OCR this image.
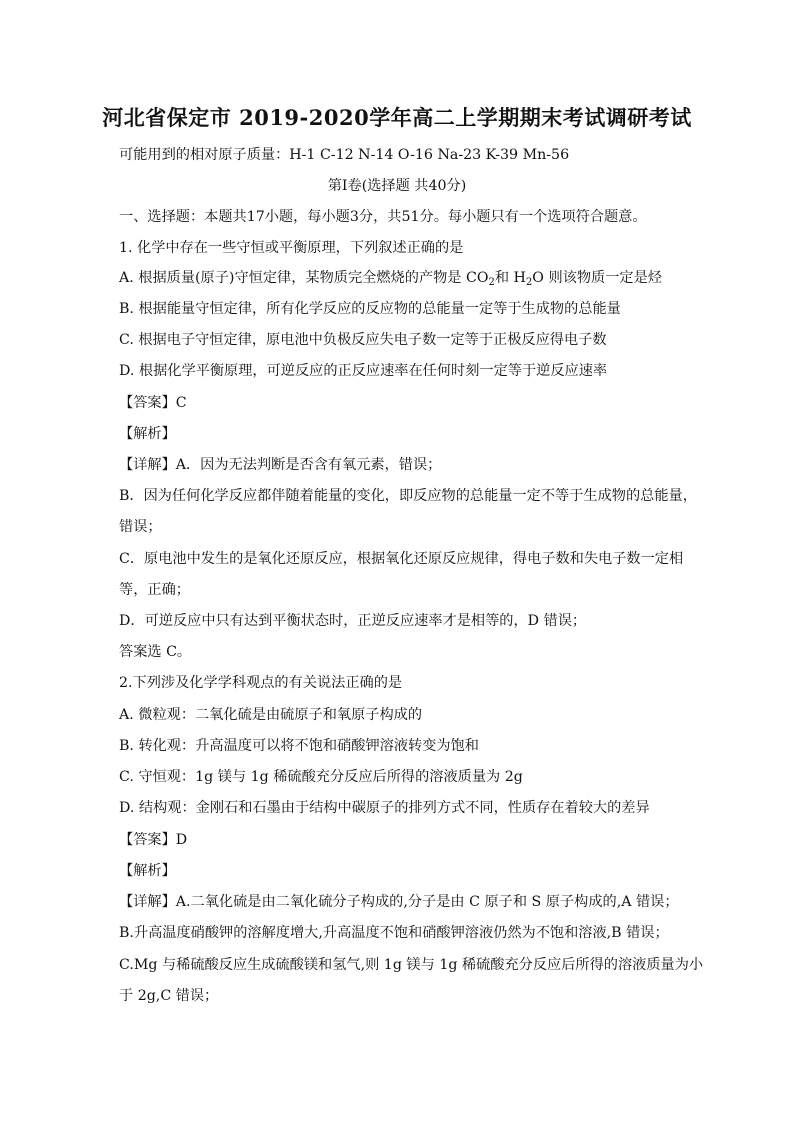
河北省保定市 2019-2020学年高二上学期期末考试调研考试
可能用到的相对原子质量：H-1 C-12 N-14 O-16 Na-23 K-39 Mn-56
第Ⅰ卷(选择题 共40分)
一、选择题：本题共17小题，每小题3分，共51分。每小题只有一个选项符合题意。
1. 化学中存在一些守恒或平衡原理，下列叙述正确的是
A. 根据质量(原子)守恒定律，某物质完全燃烧的产物是 $CO_2$和 $H_2O$ 则该物质一定是烃
B. 根据能量守恒定律，所有化学反应的反应物的总能量一定等于生成物的总能量
C. 根据电子守恒定律，原电池中负极反应失电子数一定等于正极反应得电子数
D. 根据化学平衡原理，可逆反应的正反应速率在任何时刻一定等于逆反应速率
【答案】C
【解析】
【详解】A．因为无法判断是否含有氧元素，错误；
B．因为任何化学反应都伴随着能量的变化，即反应物的总能量一定不等于生成物的总能量，
错误；
C．原电池中发生的是氧化还原反应，根据氧化还原反应规律，得电子数和失电子数一定相
等，正确；
D．可逆反应中只有达到平衡状态时，正逆反应速率才是相等的，D 错误；
答案选 C。
2.下列涉及化学学科观点的有关说法正确的是
A. 微粒观：二氧化硫是由硫原子和氧原子构成的
B. 转化观：升高温度可以将不饱和硝酸钾溶液转变为饱和
C. 守恒观：1g 镁与 1g 稀硫酸充分反应后所得的溶液质量为 2g
D. 结构观：金刚石和石墨由于结构中碳原子的排列方式不同，性质存在着较大的差异
【答案】D
【解析】
【详解】A.二氧化硫是由二氧化硫分子构成的,分子是由 C 原子和 S 原子构成的,A 错误；
B.升高温度硝酸钾的溶解度增大,升高温度不饱和硝酸钾溶液仍然为不饱和溶液,B 错误；
C.Mg 与稀硫酸反应生成硫酸镁和氢气,则 1g 镁与 1g 稀硫酸充分反应后所得的溶液质量为小
于 2g,C 错误；
